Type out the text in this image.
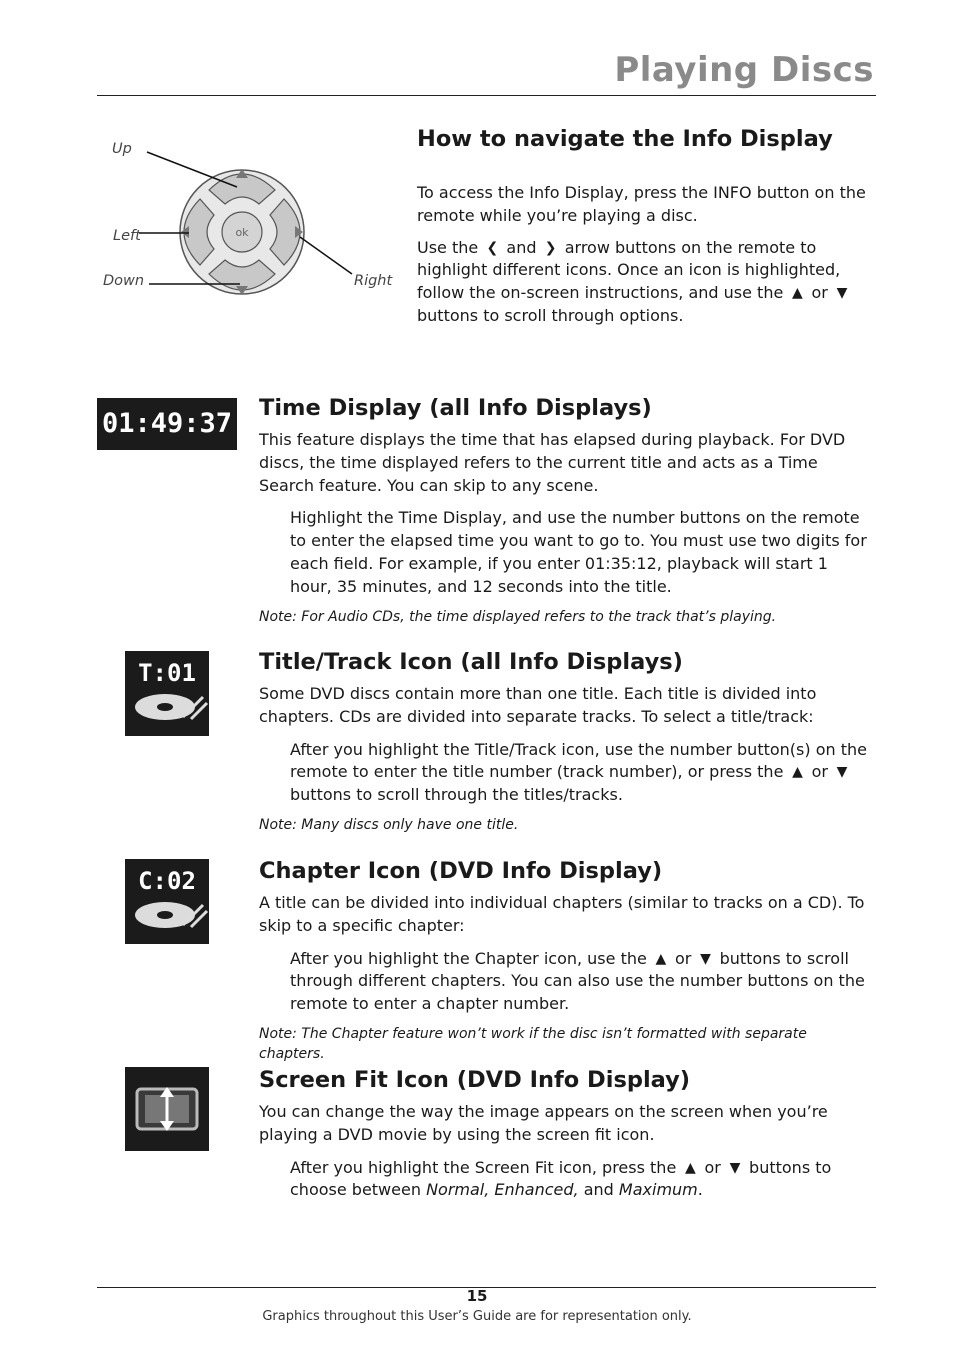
Playing Discs
ok
Up
Left
Down	Right
How to navigate the Info Display

To access the Info Display, press the INFO button on the remote while you’re playing a disc.

Use the ❮ and ❯ arrow buttons on the remote to highlight different icons. Once an icon is highlighted, follow the on-screen instructions, and use the ▲ or ▼ buttons to scroll through options.

01:49:37 Time Display (all Info Displays)

This feature displays the time that has elapsed during playback. For DVD discs, the time displayed refers to the current title and acts as a Time Search feature. You can skip to any scene.

Highlight the Time Display, and use the number buttons on the remote to enter the elapsed time you want to go to. You must use two digits for each field. For example, if you enter 01:35:12, playback will start 1 hour, 35 minutes, and 12 seconds into the title.

Note: For Audio CDs, the time displayed refers to the track that’s playing.
T:01	Title/Track Icon (all Info Displays)

Some DVD discs contain more than one title. Each title is divided into chapters. CDs are divided into separate tracks. To select a title/track:

After you highlight the Title/Track icon, use the number button(s) on the remote to enter the title number (track number), or press the ▲ or ▼ buttons to scroll through the titles/tracks.

Note: Many discs only have one title.
C:02	Chapter Icon (DVD Info Display)

A title can be divided into individual chapters (similar to tracks on a CD). To skip to a specific chapter:

After you highlight the Chapter icon, use the ▲ or ▼ buttons to scroll through different chapters. You can also use the number buttons on the remote to enter a chapter number.

Note: The Chapter feature won’t work if the disc isn’t formatted with separate chapters.
Screen Fit Icon (DVD Info Display)

You can change the way the image appears on the screen when you’re playing a DVD movie by using the screen fit icon.

After you highlight the Screen Fit icon, press the ▲ or ▼ buttons to choose between Normal, Enhanced, and Maximum.

15
Graphics throughout this User’s Guide are for representation only.
